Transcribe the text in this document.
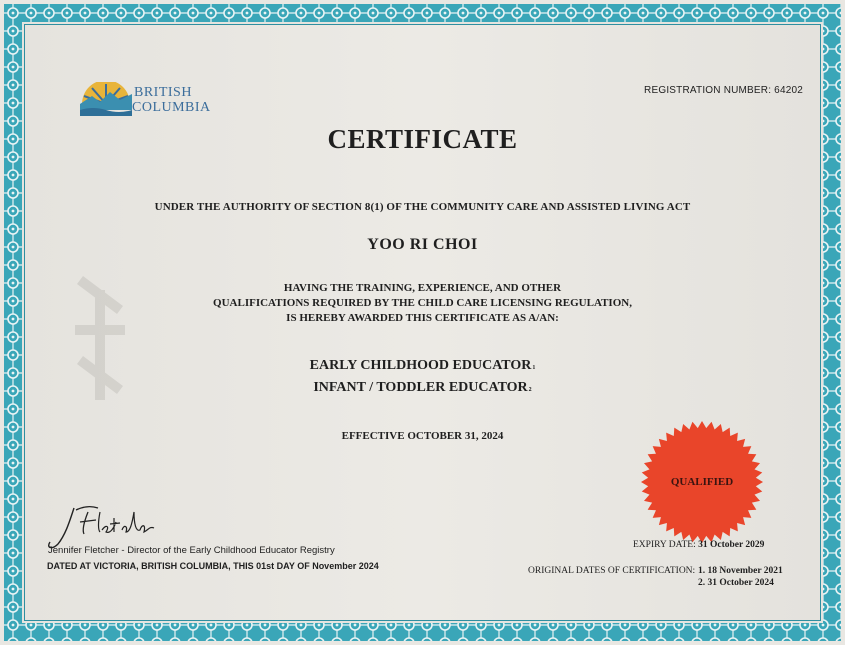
BRITISH
COLUMBIA
REGISTRATION NUMBER: 64202
CERTIFICATE
UNDER THE AUTHORITY OF SECTION 8(1) OF THE COMMUNITY CARE AND ASSISTED LIVING ACT
YOO RI CHOI
HAVING THE TRAINING, EXPERIENCE, AND OTHER
QUALIFICATIONS REQUIRED BY THE CHILD CARE LICENSING REGULATION,
IS HEREBY AWARDED THIS CERTIFICATE AS A/AN:
EARLY CHILDHOOD EDUCATOR1
INFANT / TODDLER EDUCATOR2
EFFECTIVE OCTOBER 31, 2024
QUALIFIED
Jennifer Fletcher - Director of the Early Childhood Educator Registry
DATED AT VICTORIA, BRITISH COLUMBIA, THIS 01st DAY OF November 2024
EXPIRY DATE: 31 October 2029
ORIGINAL DATES OF CERTIFICATION: 1. 18 November 2021
2. 31 October 2024
